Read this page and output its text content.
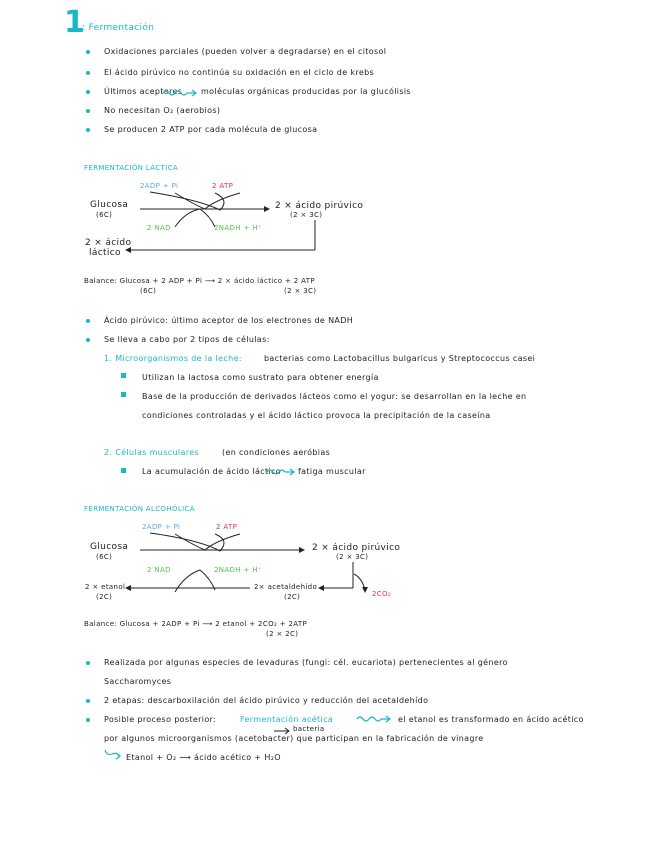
1
: Fermentación
Oxidaciones parciales (pueden volver a degradarse) en el citosol
El ácido pirúvico no continúa su oxidación en el ciclo de krebs
Últimos aceptores moléculas orgánicas producidas por la glucólisis
No necesitan O₂ (aerobios)
Se producen 2 ATP por cada molécula de glucosa
FERMENTACIÓN LÁCTICA
2ADP + Pi	2 ATP
Glucosa
(6C)
2 × ácido pirúvico
(2 × 3C)
2 NAD	2NADH + H⁺
2 × ácido
láctico
Balance: Glucosa + 2 ADP + Pi ⟶ 2 × ácido láctico + 2 ATP
(6C)	(2 × 3C)
Ácido pirúvico: último aceptor de los electrones de NADH
Se lleva a cabo por 2 tipos de células:
1. Microorganismos de la leche:	bacterias como Lactobacillus bulgaricus y Streptococcus casei
Utilizan la lactosa como sustrato para obtener energía
Base de la producción de derivados lácteos como el yogur: se desarrollan en la leche en
condiciones controladas y el ácido láctico provoca la precipitación de la caseína
2. Células musculares	(en condiciones aeróbias
La acumulación de ácido láctico fatiga muscular
FERMENTACIÓN ALCOHÓLICA
2ADP + Pi	2 ATP
Glucosa
(6C)
2 × ácido pirúvico
(2 × 3C)
2 NAD	2NADH + H⁺
2 × etanol
(2C)
2× acetaldehído
(2C)	2CO₂
Balance: Glucosa + 2ADP + Pi ⟶ 2 etanol + 2CO₂ + 2ATP
(2 × 2C)
Realizada por algunas especies de levaduras (fungi: cél. eucariota) pertenecientes al género
Saccharomyces
2 etapas: descarboxilación del ácido pirúvico y reducción del acetaldehído
Posible proceso posterior:	Fermentación acética	el etanol es transformado en ácido acético
bacteria
por algunos microorganismos (acetobacter) que participan en la fabricación de vinagre
Etanol + O₂ ⟶ ácido acético + H₂O
